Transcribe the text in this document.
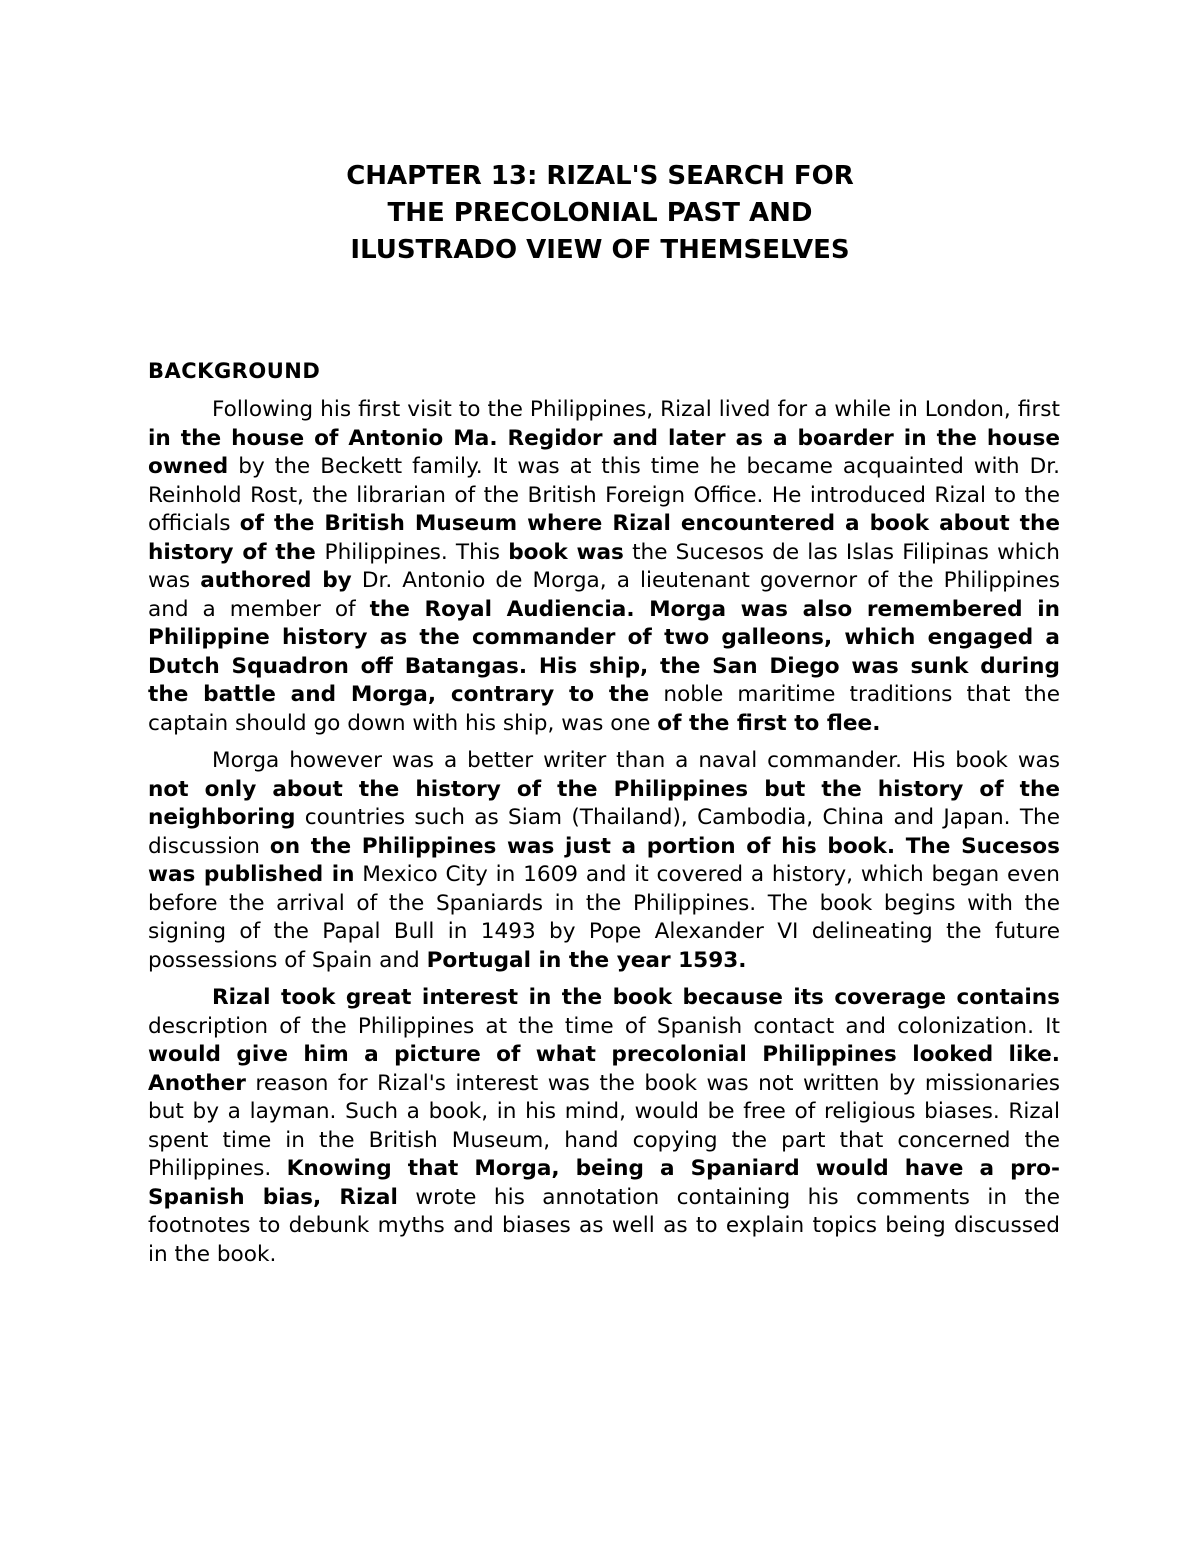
CHAPTER 13: RIZAL'S SEARCH FOR
THE PRECOLONIAL PAST AND
ILUSTRADO VIEW OF THEMSELVES
BACKGROUND

Following his first visit to the Philippines, Rizal lived for a while in London, first in the house of Antonio Ma. Regidor and later as a boarder in the house owned by the Beckett family. It was at this time he became acquainted with Dr. Reinhold Rost, the librarian of the British Foreign Office. He introduced Rizal to the officials of the British Museum where Rizal encountered a book about the history of the Philippines. This book was the Sucesos de las Islas Filipinas which was authored by Dr. Antonio de Morga, a lieutenant governor of the Philippines and a member of the Royal Audiencia. Morga was also remembered in Philippine history as the commander of two galleons, which engaged a Dutch Squadron off Batangas. His ship, the San Diego was sunk during the battle and Morga, contrary to the noble maritime traditions that the captain should go down with his ship, was one of the first to flee.

Morga however was a better writer than a naval commander. His book was not only about the history of the Philippines but the history of the neighboring countries such as Siam (Thailand), Cambodia, China and Japan. The discussion on the Philippines was just a portion of his book. The Sucesos was published in Mexico City in 1609 and it covered a history, which began even before the arrival of the Spaniards in the Philippines. The book begins with the signing of the Papal Bull in 1493 by Pope Alexander VI delineating the future possessions of Spain and Portugal in the year 1593.

Rizal took great interest in the book because its coverage contains description of the Philippines at the time of Spanish contact and colonization. It would give him a picture of what precolonial Philippines looked like. Another reason for Rizal's interest was the book was not written by missionaries but by a layman. Such a book, in his mind, would be free of religious biases. Rizal spent time in the British Museum, hand copying the part that concerned the Philippines. Knowing that Morga, being a Spaniard would have a pro-Spanish bias, Rizal wrote his annotation containing his comments in the footnotes to debunk myths and biases as well as to explain topics being discussed in the book.
